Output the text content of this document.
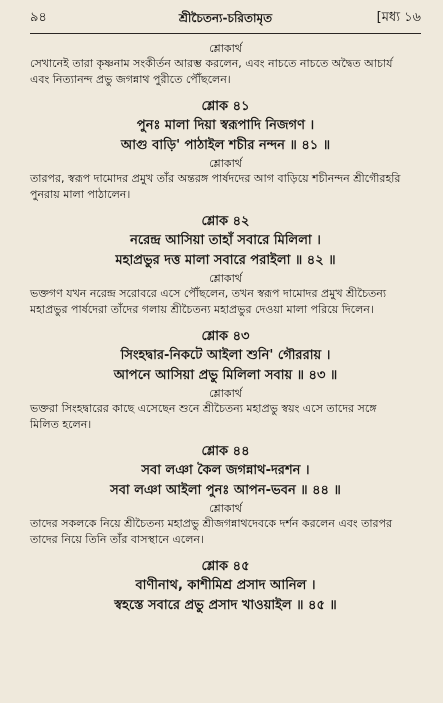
৯৪	শ্রীচৈতন্য-চরিতামৃত	[মধ্য ১৬
শ্লোকার্থ
সেখানেই তারা কৃষ্ণনাম সংকীর্তন আরম্ভ করলেন, এবং নাচতে নাচতে অদ্বৈত আচার্য
এবং নিত্যানন্দ প্রভু জগন্নাথ পুরীতে পৌঁছলেন।
শ্লোক ৪১
পুনঃ মালা দিয়া স্বরূপাদি নিজগণ ।
আগু বাড়ি' পাঠাইল শচীর নন্দন ॥ ৪১ ॥
শ্লোকার্থ
তারপর, স্বরূপ দামোদর প্রমুখ তাঁর অন্তরঙ্গ পার্ষদদের আগ বাড়িয়ে শচীনন্দন শ্রীগৌরহরি
পুনরায় মালা পাঠালেন।
শ্লোক ৪২
নরেন্দ্র আসিয়া তাহাঁ সবারে মিলিলা ।
মহাপ্রভুর দত্ত মালা সবারে পরাইলা ॥ ৪২ ॥
শ্লোকার্থ
ভক্তগণ যখন নরেন্দ্র সরোবরে এসে পৌঁছলেন, তখন স্বরূপ দামোদর প্রমুখ শ্রীচৈতন্য
মহাপ্রভুর পার্ষদেরা তাঁদের গলায় শ্রীচৈতন্য মহাপ্রভুর দেওয়া মালা পরিয়ে দিলেন।
শ্লোক ৪৩
সিংহদ্বার-নিকটে আইলা শুনি' গৌররায় ।
আপনে আসিয়া প্রভু মিলিলা সবায় ॥ ৪৩ ॥
শ্লোকার্থ
ভক্তরা সিংহদ্বারের কাছে এসেছেন শুনে শ্রীচৈতন্য মহাপ্রভু স্বয়ং এসে তাদের সঙ্গে
মিলিত হলেন।
শ্লোক ৪৪
সবা লঞা কৈল জগন্নাথ-দরশন ।
সবা লঞা আইলা পুনঃ আপন-ভবন ॥ ৪৪ ॥
শ্লোকার্থ
তাদের সকলকে নিয়ে শ্রীচৈতন্য মহাপ্রভু শ্রীজগন্নাথদেবকে দর্শন করলেন এবং তারপর
তাদের নিয়ে তিনি তাঁর বাসস্থানে এলেন।
শ্লোক ৪৫
বাণীনাথ, কাশীমিশ্র প্রসাদ আনিল ।
স্বহস্তে সবারে প্রভু প্রসাদ খাওয়াইল ॥ ৪৫ ॥
